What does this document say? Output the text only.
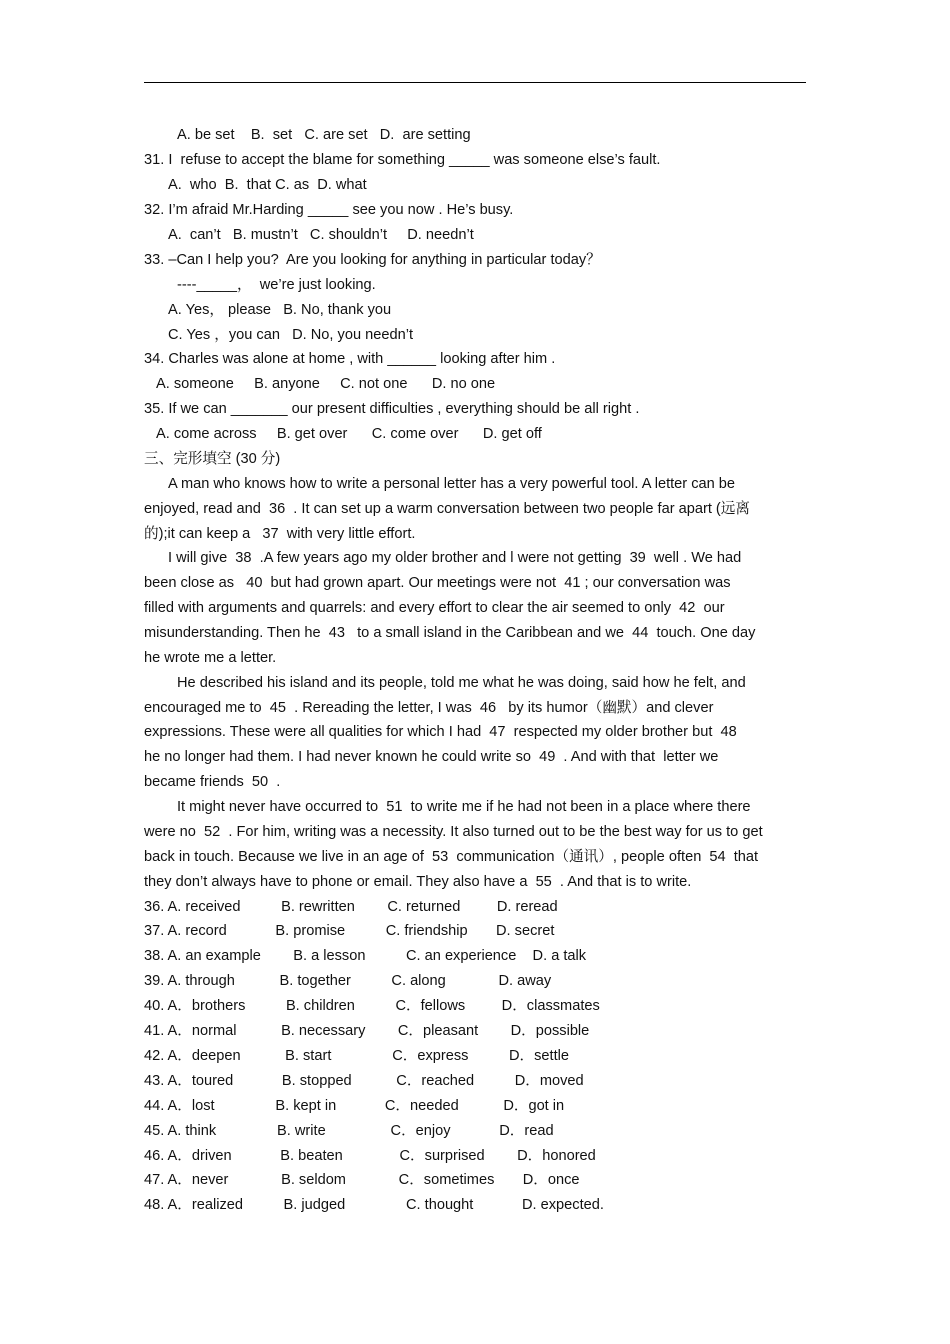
A. be set    B.  set   C. are set   D.  are setting
31. I  refuse to accept the blame for something _____ was someone else’s fault.
A.  who  B.  that C. as  D. what
32. I’m afraid Mr.Harding _____ see you now . He’s busy.
A.  can’t   B. mustn’t   C. shouldn’t     D. needn’t
33. –Can I help you?  Are you looking for anything in particular today？
----_____，  we’re just looking.
A. Yes， please   B. No, thank you
C. Yes ，you can   D. No, you needn’t
34. Charles was alone at home , with ______ looking after him .
A. someone     B. anyone     C. not one      D. no one
35. If we can _______ our present difficulties , everything should be all right .
A. come across     B. get over      C. come over      D. get off
三、完形填空 (30 分)
A man who knows how to write a personal letter has a very powerful tool. A letter can be
enjoyed, read and  36  . It can set up a warm conversation between two people far apart (远离
的);it can keep a   37  with very little effort.
I will give  38  .A few years ago my older brother and l were not getting  39  well . We had
been close as   40  but had grown apart. Our meetings were not  41 ; our conversation was
filled with arguments and quarrels: and every effort to clear the air seemed to only  42  our
misunderstanding. Then he  43   to a small island in the Caribbean and we  44  touch. One day
he wrote me a letter.
He described his island and its people, told me what he was doing, said how he felt, and
encouraged me to  45  . Rereading the letter, I was  46   by its humor（幽默）and clever
expressions. These were all qualities for which I had  47  respected my older brother but  48
he no longer had them. I had never known he could write so  49  . And with that  letter we
became friends  50  .
It might never have occurred to  51  to write me if he had not been in a place where there
were no  52  . For him, writing was a necessity. It also turned out to be the best way for us to get
back in touch. Because we live in an age of  53  communication（通讯）, people often  54  that
they don’t always have to phone or email. They also have a  55  . And that is to write.
36. A. received          B. rewritten        C. returned         D. reread
37. A. record            B. promise          C. friendship       D. secret
38. A. an example        B. a lesson          C. an experience    D. a talk
39. A. through           B. together          C. along             D. away
40. A．brothers          B. children          C．fellows         D．classmates
41. A．normal           B. necessary        C．pleasant        D．possible
42. A．deepen           B. start               C．express          D．settle
43. A．toured            B. stopped           C．reached          D．moved
44. A．lost               B. kept in            C．needed           D．got in
45. A. think               B. write                C．enjoy            D．read
46. A．driven            B. beaten              C．surprised        D．honored
47. A．never             B. seldom             C．sometimes       D．once
48. A．realized          B. judged               C. thought            D. expected.
